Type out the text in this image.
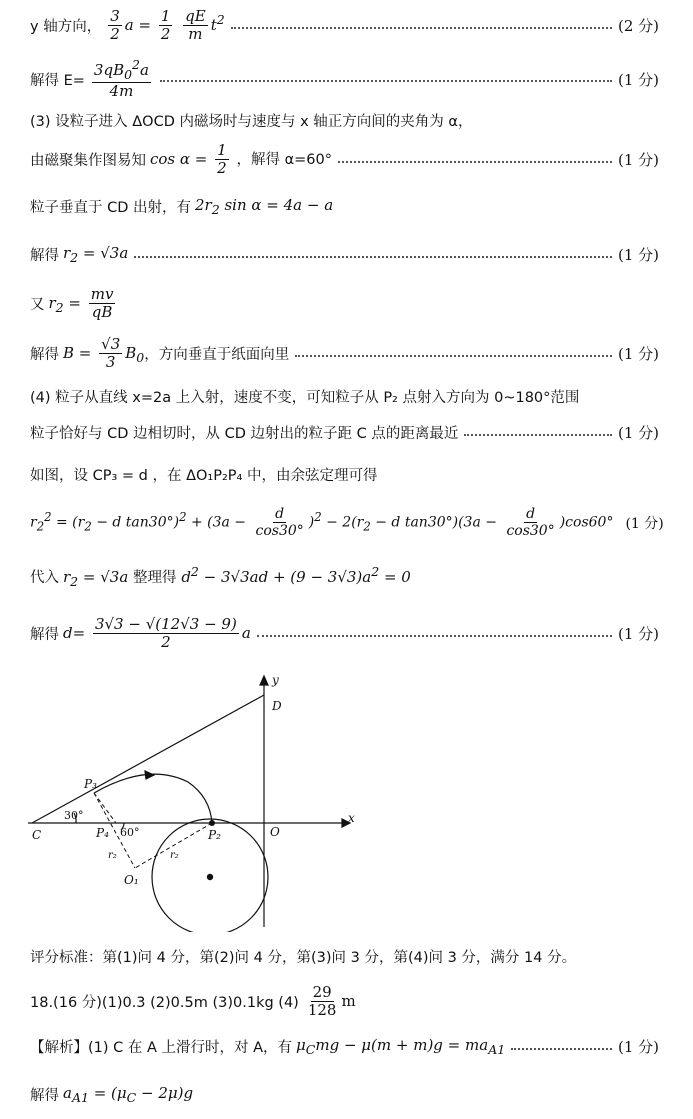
y 轴方向， $\frac{3}{2}$ $a = \frac{1}{2}$
$\frac{qE}{m} t^2$	(2 分)
解得 $E= \frac{3qB_0^2a}{4m}$	(1 分)
(3) 设粒子进入 ΔOCD 内磁场时与速度与 x 轴正方向间的夹角为 α，
由磁聚集作图易知 $\cos \alpha = \frac{1}{2}$ ，解得 α=60°	(1 分)
粒子垂直于 CD 出射，有 $2r_2$ sin α = 4a − a
解得 $r_2 = √3a$	(1 分)
又 $r_2 = \frac{mv}{qB}$
解得 $B = \frac{√3}{3} B_0$ ，方向垂直于纸面向里	(1 分)
(4) 粒子从直线 x=2a 上入射，速度不变，可知粒子从 P₂ 点射入方向为 0~180°范围
粒子恰好与 CD 边相切时，从 CD 边射出的粒子距 C 点的距离最近	(1 分)
如图，设 CP₃ = d ，在 ΔO₁P₂P₄ 中，由余弦定理可得
$r_2^2 = (r_2 - d$ $\tan 30^\circ)^2 + (3a - \frac{d}{\cos 30^\circ} )^2 - 2(r_2 - d$ $\tan 30^\circ)(3a - \frac{d}{\cos 30^\circ} )\cos 60^\circ$ (1 分)
代入 $r_2 = √3a$ 整理得 $d^2 - 3√3ad + (9 - 3√3)a^2 = 0$
解得 $d= \frac{3√3 - √(12√3 - 9)}{2}$ a	(1 分)
y
x
D
O
C
P₃
P₄	P₂
O₁
r₂	r₂
30°
60°
评分标准：第(1)问 4 分，第(2)问 4 分，第(3)问 3 分，第(4)问 3 分，满分 14 分。
18.(16 分)(1)0.3 (2)0.5m (3)0.1kg $(4) \frac{29}{128}$ m
【解析】(1) C 在 A 上滑行时，对 A，有 $\mu_Cmg - \mu(m + m)g = ma_{A1}$	(1 分)
解得 $a_{A1} = (\mu_C - 2\mu)g$
